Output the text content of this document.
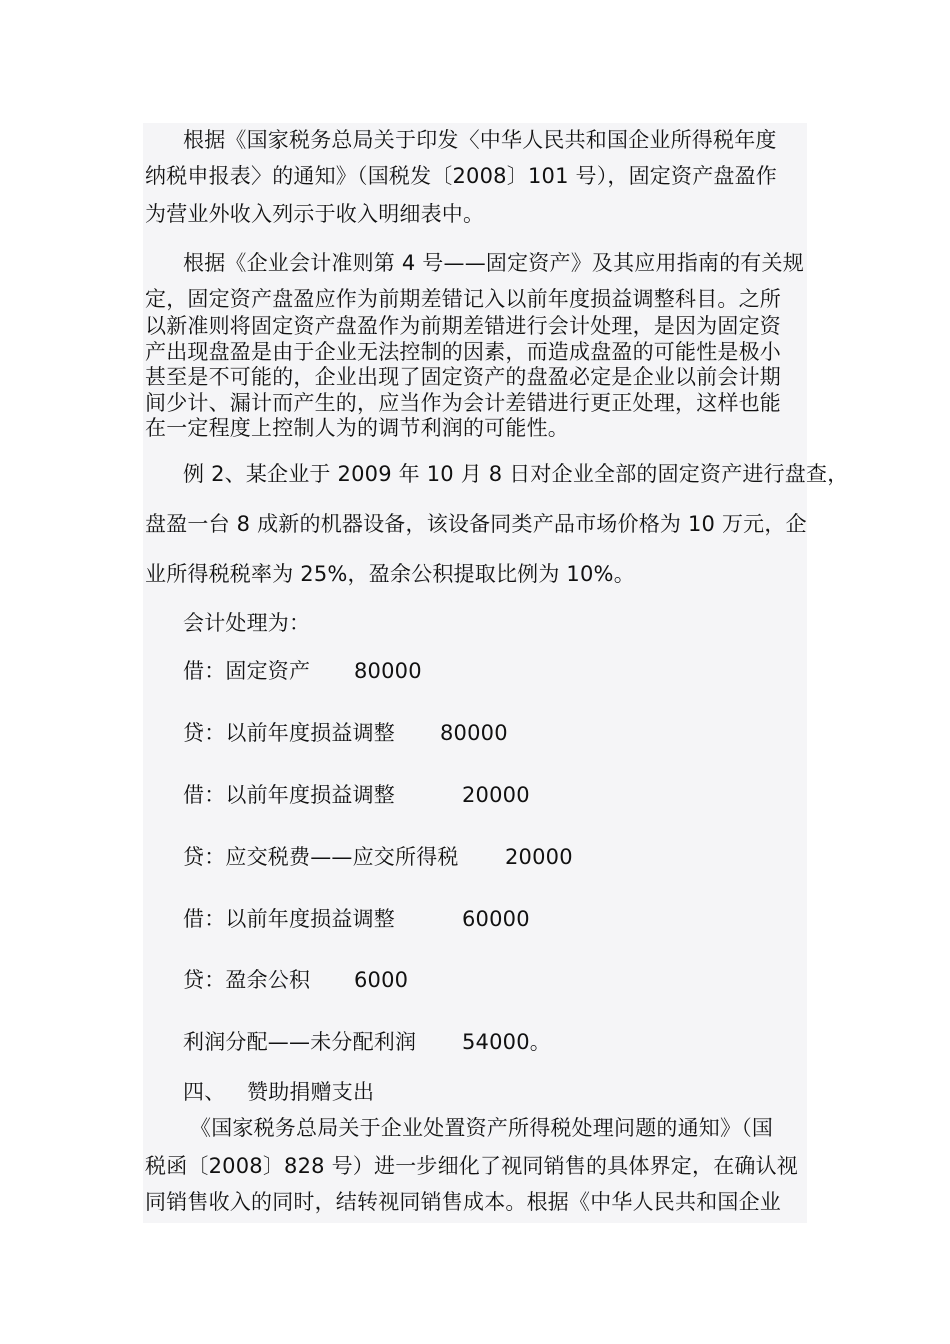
根据《国家税务总局关于印发〈中华人民共和国企业所得税年度
纳税申报表〉的通知》（国税发〔2008〕101 号），固定资产盘盈作
为营业外收入列示于收入明细表中。
根据《企业会计准则第 4 号——固定资产》及其应用指南的有关规
定，固定资产盘盈应作为前期差错记入以前年度损益调整科目。之所
以新准则将固定资产盘盈作为前期差错进行会计处理，是因为固定资
产出现盘盈是由于企业无法控制的因素，而造成盘盈的可能性是极小
甚至是不可能的，企业出现了固定资产的盘盈必定是企业以前会计期
间少计、漏计而产生的，应当作为会计差错进行更正处理，这样也能
在一定程度上控制人为的调节利润的可能性。
例 2、某企业于 2009 年 10 月 8 日对企业全部的固定资产进行盘查，
盘盈一台 8 成新的机器设备，该设备同类产品市场价格为 10 万元，企
业所得税税率为 25%，盈余公积提取比例为 10%。
会计处理为：
借：固定资产 80000
贷：以前年度损益调整 80000
借：以前年度损益调整	20000
贷：应交税费——应交所得税 20000
借：以前年度损益调整	60000
贷：盈余公积 6000
利润分配——未分配利润 54000。
四、 赞助捐赠支出
《国家税务总局关于企业处置资产所得税处理问题的通知》（国
税函〔2008〕828 号）进一步细化了视同销售的具体界定，在确认视
同销售收入的同时，结转视同销售成本。根据《中华人民共和国企业
